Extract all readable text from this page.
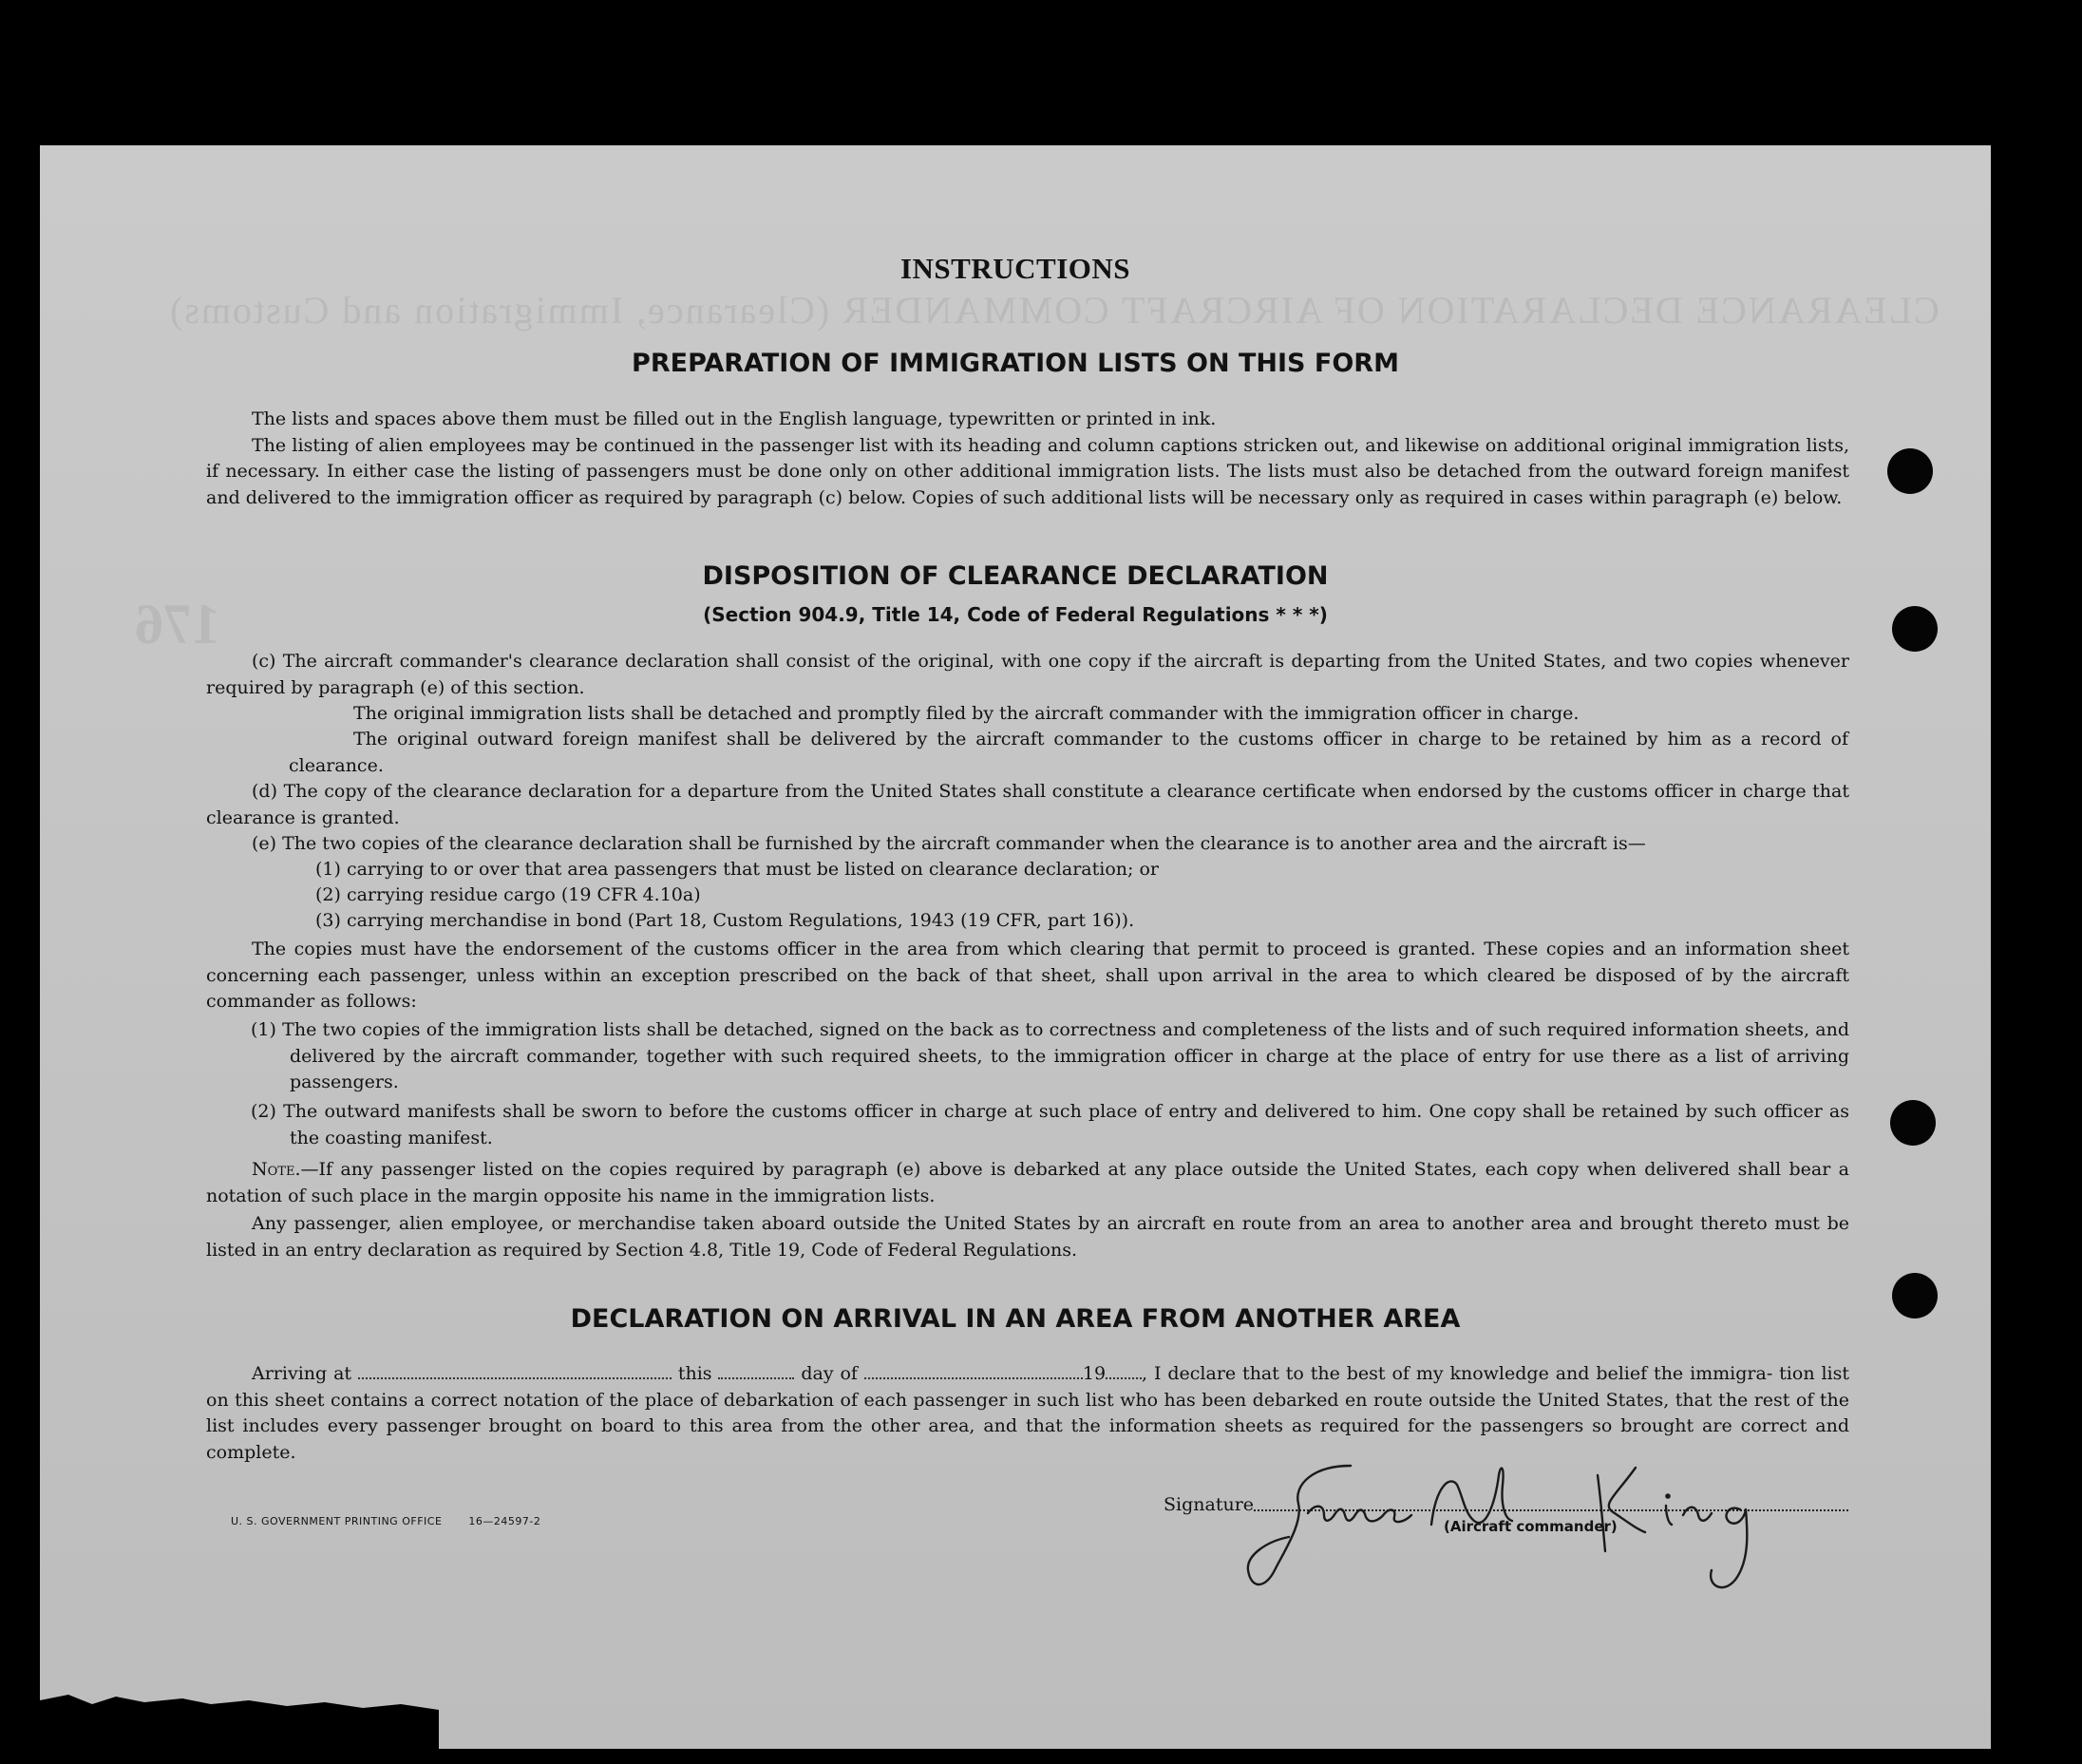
CLEARANCE DECLARATION OF AIRCRAFT COMMANDER (Clearance, Immigration and Customs)
176
INSTRUCTIONS
PREPARATION OF IMMIGRATION LISTS ON THIS FORM
The lists and spaces above them must be filled out in the English language, typewritten or printed in ink.
The listing of alien employees may be continued in the passenger list with its heading and column captions stricken out, and likewise on additional original immigration lists, if necessary. In either case the listing of passengers must be done only on other additional immigration lists. The lists must also be detached from the outward foreign manifest and delivered to the immigration officer as required by paragraph (c) below. Copies of such additional lists will be necessary only as required in cases within paragraph (e) below.
DISPOSITION OF CLEARANCE DECLARATION
(Section 904.9, Title 14, Code of Federal Regulations * * *)
(c) The aircraft commander's clearance declaration shall consist of the original, with one copy if the aircraft is departing from the United States, and two copies whenever required by paragraph (e) of this section.
The original immigration lists shall be detached and promptly filed by the aircraft commander with the immigration officer in charge.
The original outward foreign manifest shall be delivered by the aircraft commander to the customs officer in charge to be retained by him as a record of clearance.
(d) The copy of the clearance declaration for a departure from the United States shall constitute a clearance certificate when endorsed by the customs officer in charge that clearance is granted.
(e) The two copies of the clearance declaration shall be furnished by the aircraft commander when the clearance is to another area and the aircraft is—
(1) carrying to or over that area passengers that must be listed on clearance declaration; or
(2) carrying residue cargo (19 CFR 4.10a)
(3) carrying merchandise in bond (Part 18, Custom Regulations, 1943 (19 CFR, part 16)).
The copies must have the endorsement of the customs officer in the area from which clearing that permit to proceed is granted. These copies and an information sheet concerning each passenger, unless within an exception prescribed on the back of that sheet, shall upon arrival in the area to which cleared be disposed of by the aircraft commander as follows:
(1) The two copies of the immigration lists shall be detached, signed on the back as to correctness and completeness of the lists and of such required information sheets, and delivered by the aircraft commander, together with such required sheets, to the immigration officer in charge at the place of entry for use there as a list of arriving passengers.
(2) The outward manifests shall be sworn to before the customs officer in charge at such place of entry and delivered to him. One copy shall be retained by such officer as the coasting manifest.
Note.—If any passenger listed on the copies required by paragraph (e) above is debarked at any place outside the United States, each copy when delivered shall bear a notation of such place in the margin opposite his name in the immigration lists.
Any passenger, alien employee, or merchandise taken aboard outside the United States by an aircraft en route from an area to another area and brought thereto must be listed in an entry declaration as required by Section 4.8, Title 19, Code of Federal Regulations.
DECLARATION ON ARRIVAL IN AN AREA FROM ANOTHER AREA
Arriving at	this	day of	19 , I declare that to the best of my knowledge and belief the immigra- tion list on this sheet contains a correct notation of the place of debarkation of each passenger in such list who has been debarked en route outside the United States, that the rest of the list includes every passenger brought on board to this area from the other area, and that the information sheets as required for the passengers so brought are correct and complete.
U. S. GOVERNMENT PRINTING OFFICE	16—24597-2
Signature
(Aircraft commander)
